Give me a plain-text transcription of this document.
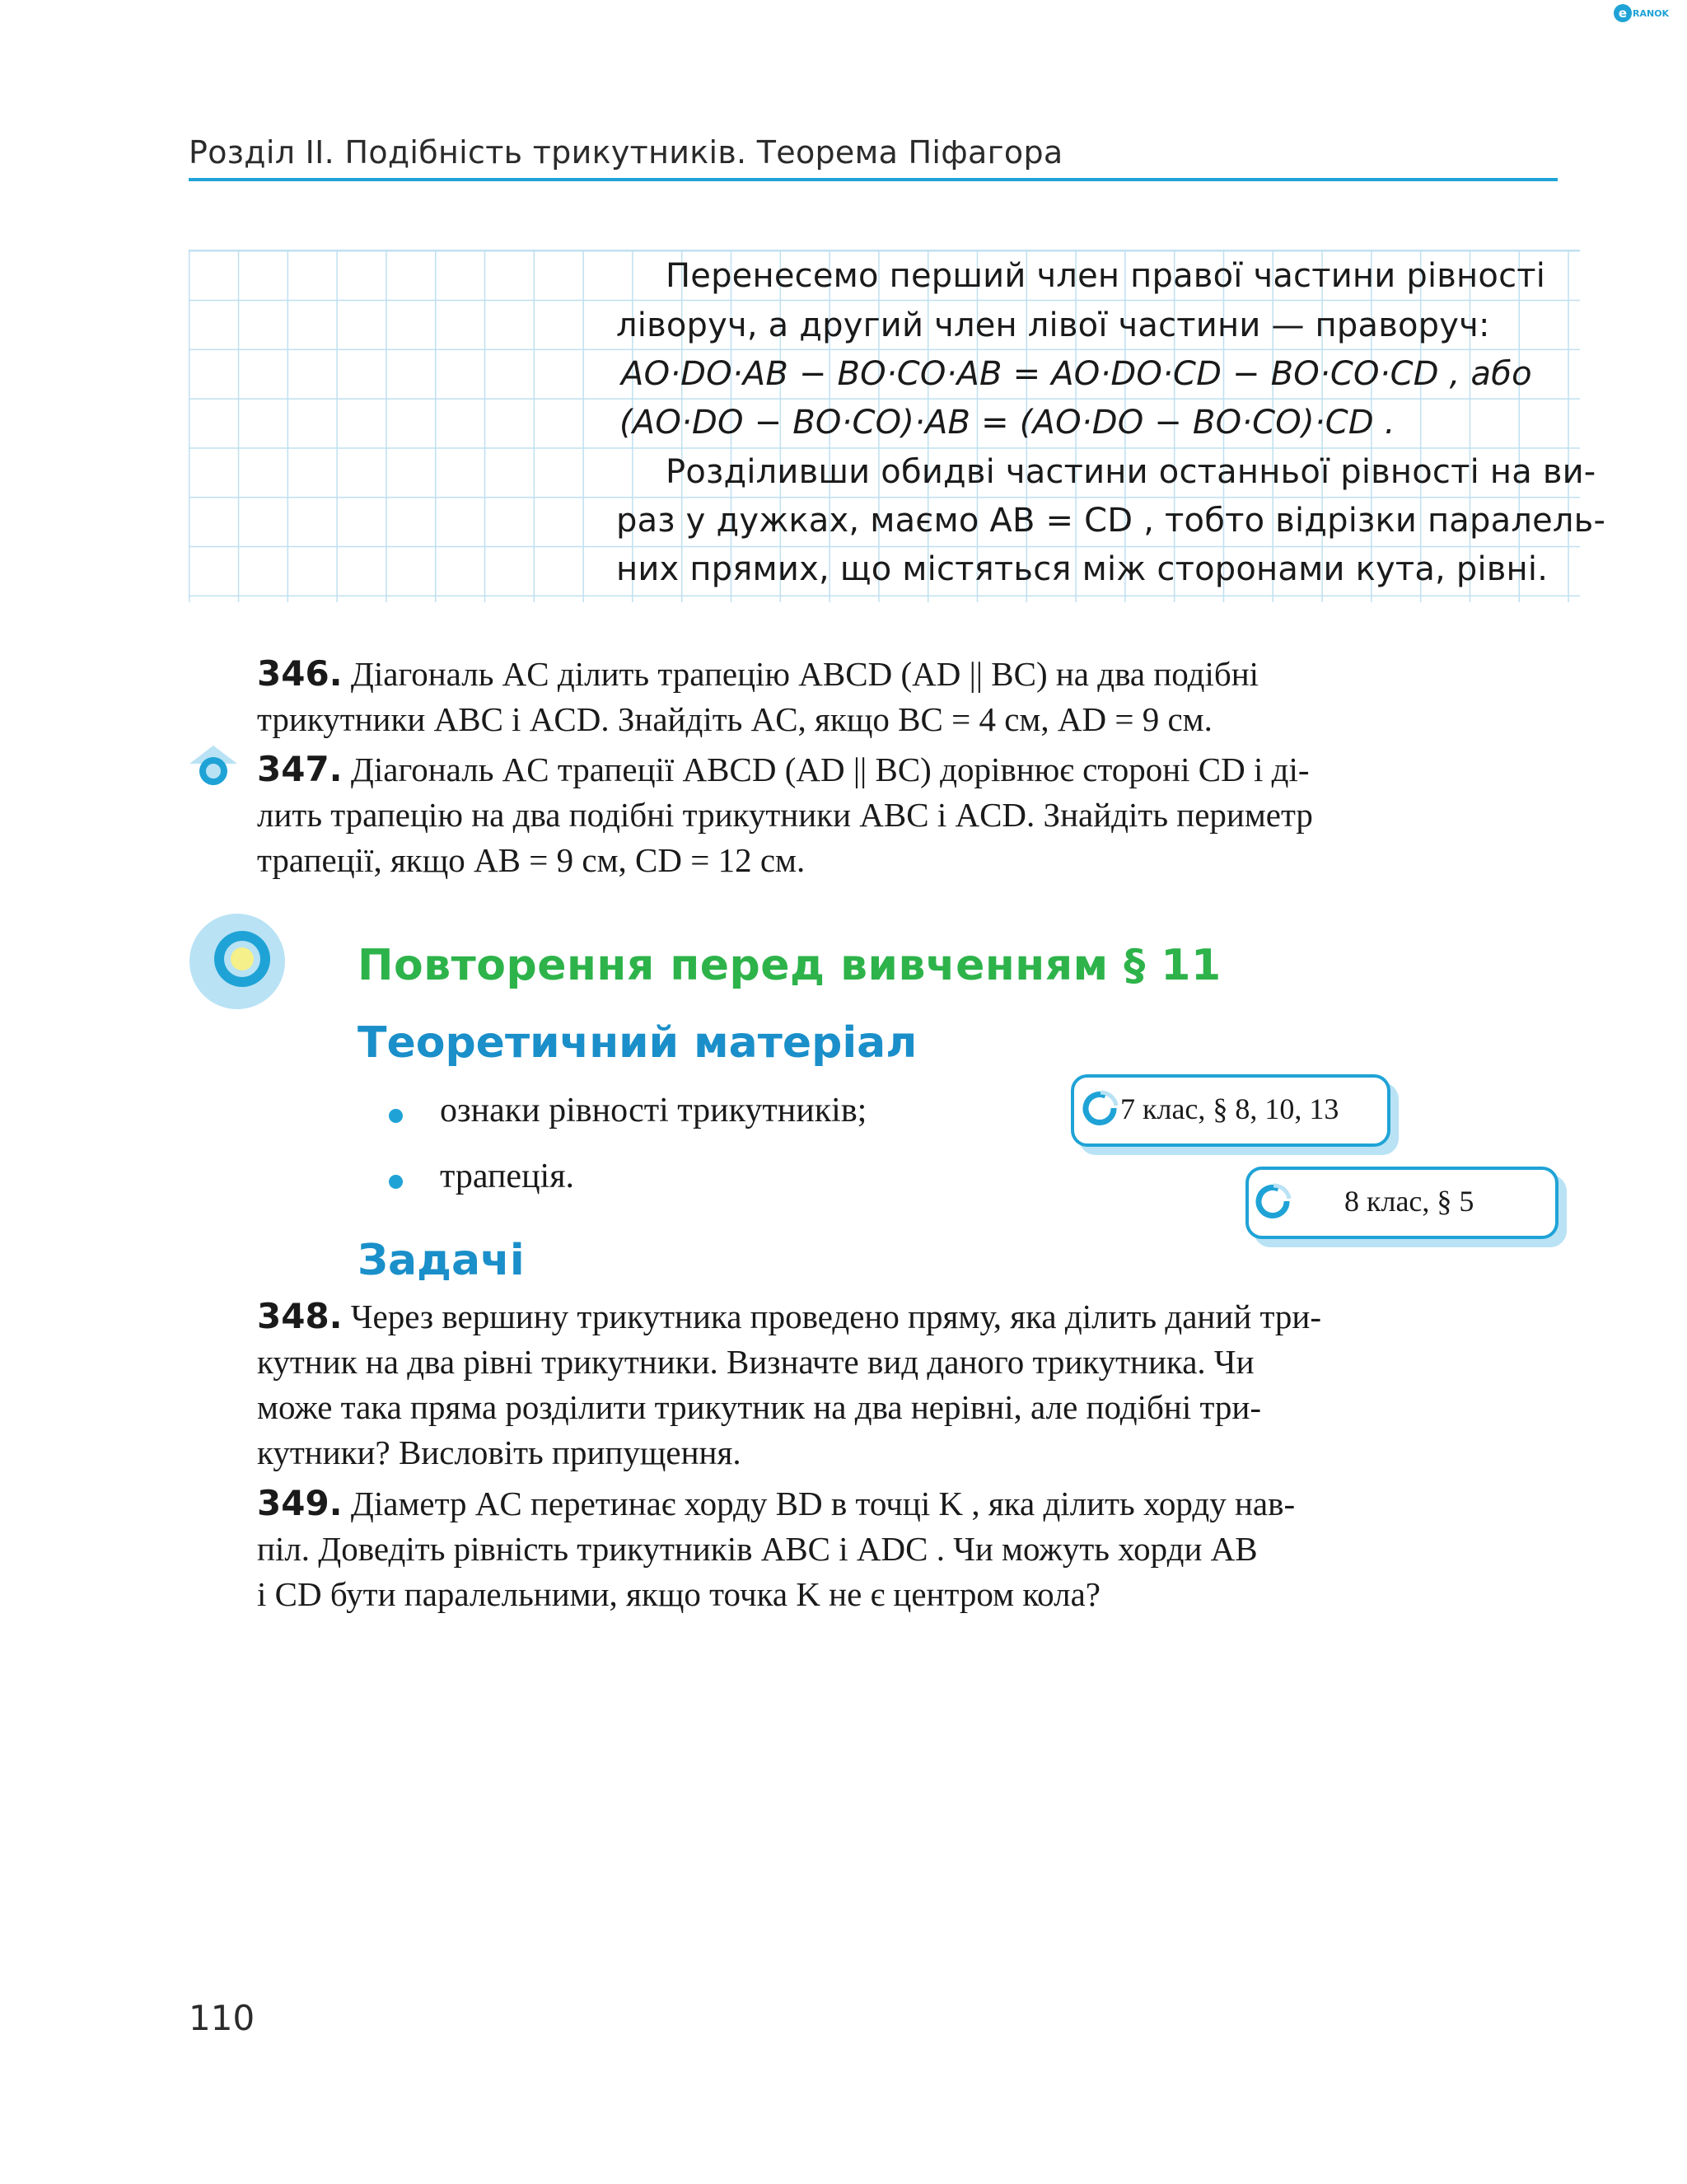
e RANOK
Розділ II. Подібність трикутників. Теорема Піфагора
Перенесемо перший член правої частини рівності
ліворуч, а другий член лівої частини — праворуч:
AO·DO·AB − BO·CO·AB = AO·DO·CD − BO·CO·CD , або
(AO·DO − BO·CO)·AB = (AO·DO − BO·CO)·CD .
Розділивши обидві частини останньої рівності на ви-
раз у дужках, маємо AB = CD , тобто відрізки паралель-
них прямих, що містяться між сторонами кута, рівні.
346. Діагональ AC ділить трапецію ABCD (AD || BC) на два подібні
трикутники ABC і ACD. Знайдіть AC, якщо BC = 4 см, AD = 9 см.
347. Діагональ AC трапеції ABCD (AD || BC) дорівнює стороні CD і ді-
лить трапецію на два подібні трикутники ABC і ACD. Знайдіть периметр
трапеції, якщо AB = 9 см, CD = 12 см.
Повторення перед вивченням § 11
Теоретичний матеріал
ознаки рівності трикутників;
трапеція.
7 клас, § 8, 10, 13
8 клас, § 5
Задачі
348. Через вершину трикутника проведено пряму, яка ділить даний три-
кутник на два рівні трикутники. Визначте вид даного трикутника. Чи
може така пряма розділити трикутник на два нерівні, але подібні три-
кутники? Висловіть припущення.
349. Діаметр AC перетинає хорду BD в точці K , яка ділить хорду нав-
піл. Доведіть рівність трикутників ABC і ADC . Чи можуть хорди AB
і CD бути паралельними, якщо точка K не є центром кола?
110
